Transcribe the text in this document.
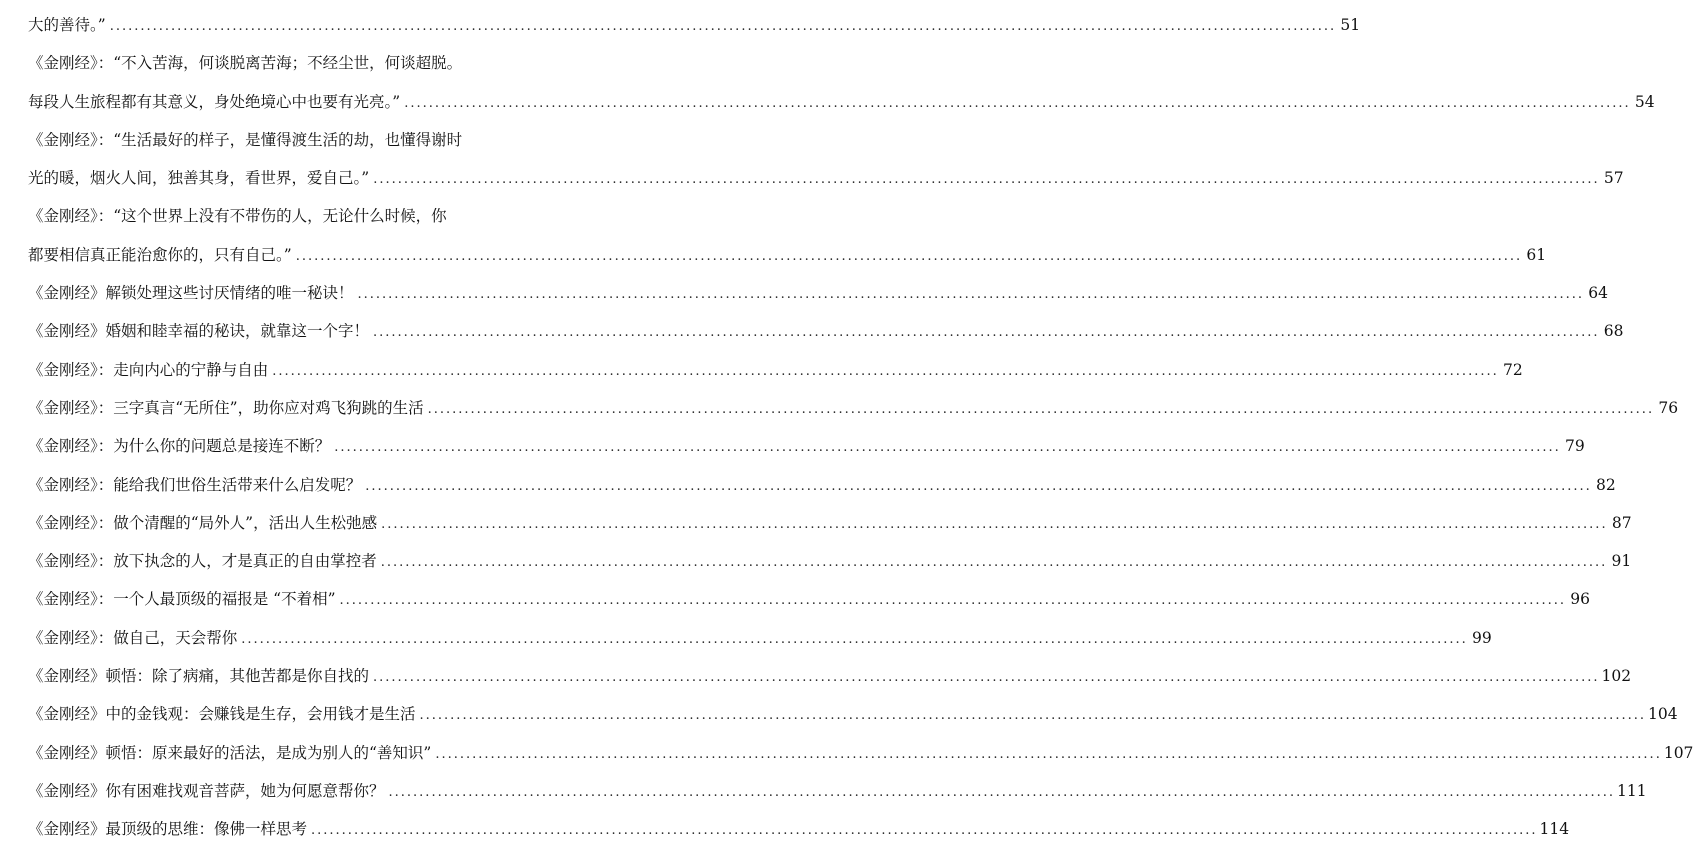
大的善待。” ........................................................................................................................................................................................................ 51
《金刚经》：“不入苦海，何谈脱离苦海；不经尘世，何谈超脱。
每段人生旅程都有其意义，身处绝境心中也要有光亮。” ........................................................................................................................................................................................................ 54
《金刚经》：“生活最好的样子，是懂得渡生活的劫，也懂得谢时
光的暖，烟火人间，独善其身，看世界，爱自己。” ........................................................................................................................................................................................................ 57
《金刚经》：“这个世界上没有不带伤的人，无论什么时候，你
都要相信真正能治愈你的，只有自己。” ........................................................................................................................................................................................................ 61
《金刚经》解锁处理这些讨厌情绪的唯一秘诀！ ........................................................................................................................................................................................................ 64
《金刚经》婚姻和睦幸福的秘诀，就靠这一个字！ ........................................................................................................................................................................................................ 68
《金刚经》：走向内心的宁静与自由 ........................................................................................................................................................................................................ 72
《金刚经》：三字真言“无所住”，助你应对鸡飞狗跳的生活 ........................................................................................................................................................................................................ 76
《金刚经》：为什么你的问题总是接连不断？ ........................................................................................................................................................................................................ 79
《金刚经》：能给我们世俗生活带来什么启发呢？ ........................................................................................................................................................................................................ 82
《金刚经》：做个清醒的“局外人”，活出人生松弛感 ........................................................................................................................................................................................................ 87
《金刚经》：放下执念的人，才是真正的自由掌控者 ........................................................................................................................................................................................................ 91
《金刚经》：一个人最顶级的福报是 “不着相” ........................................................................................................................................................................................................ 96
《金刚经》：做自己，天会帮你 ........................................................................................................................................................................................................ 99
《金刚经》顿悟：除了病痛，其他苦都是你自找的 ........................................................................................................................................................................................................ 102
《金刚经》中的金钱观：会赚钱是生存，会用钱才是生活 ........................................................................................................................................................................................................ 104
《金刚经》顿悟：原来最好的活法，是成为别人的“善知识” ........................................................................................................................................................................................................ 107
《金刚经》你有困难找观音菩萨，她为何愿意帮你？ ........................................................................................................................................................................................................ 111
《金刚经》最顶级的思维：像佛一样思考 ........................................................................................................................................................................................................ 114
